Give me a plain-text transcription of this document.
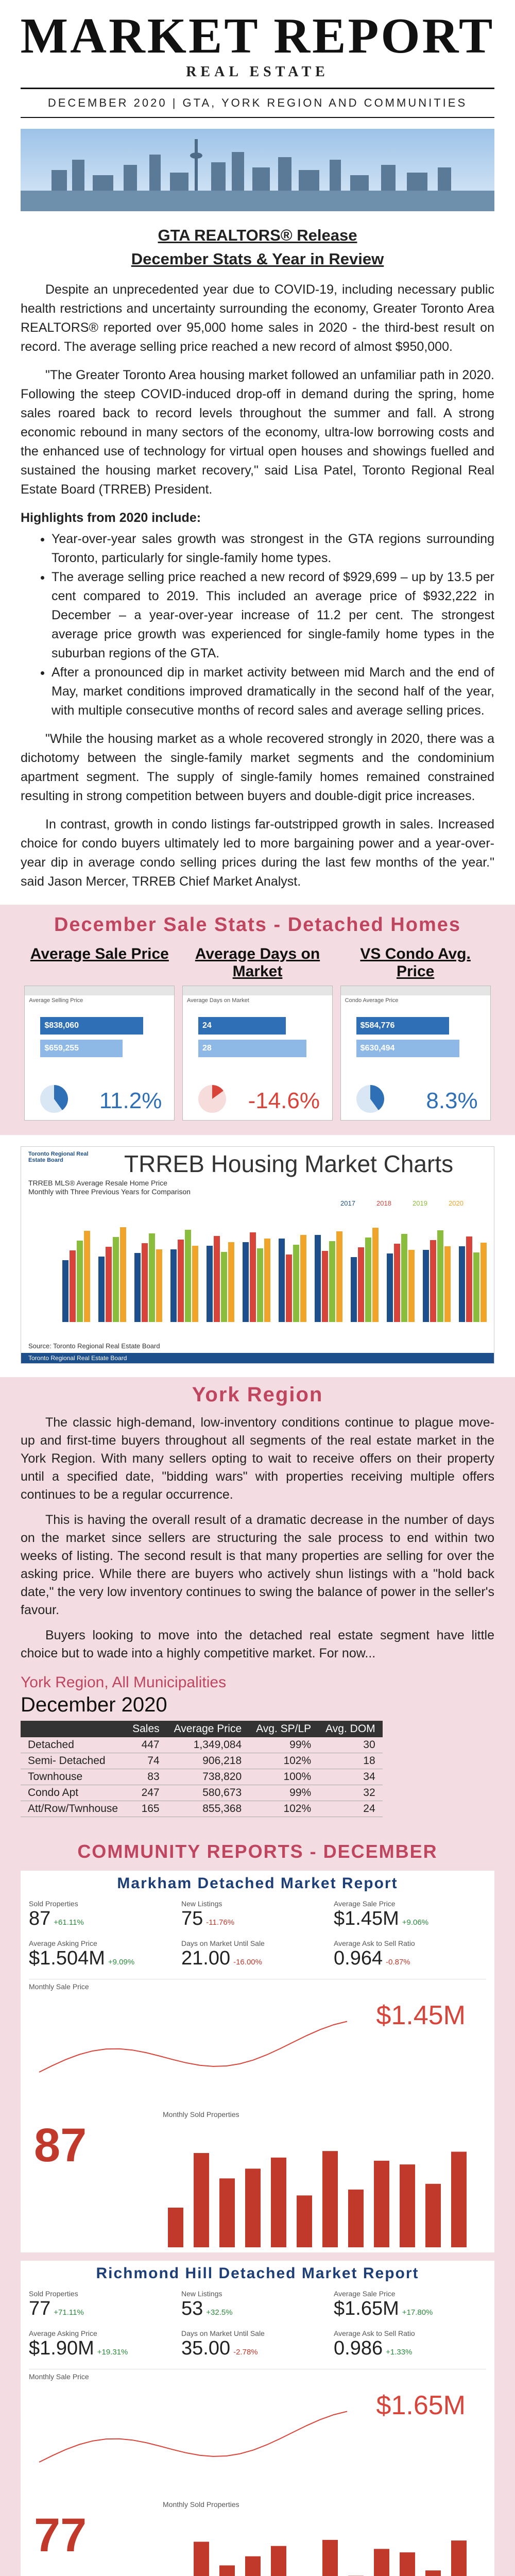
MARKET REPORT
REAL ESTATE
DECEMBER 2020 | GTA, YORK REGION AND COMMUNITIES
GTA REALTORS® Release
December Stats & Year in Review

Despite an unprecedented year due to COVID-19, including necessary public health restrictions and uncertainty surrounding the economy, Greater Toronto Area REALTORS® reported over 95,000 home sales in 2020 - the third-best result on record. The average selling price reached a new record of almost $950,000.

"The Greater Toronto Area housing market followed an unfamiliar path in 2020. Following the steep COVID-induced drop-off in demand during the spring, home sales roared back to record levels throughout the summer and fall. A strong economic rebound in many sectors of the economy, ultra-low borrowing costs and the enhanced use of technology for virtual open houses and showings fuelled and sustained the housing market recovery," said Lisa Patel, Toronto Regional Real Estate Board (TRREB) President.

Highlights from 2020 include:
• Year-over-year sales growth was strongest in the GTA regions surrounding Toronto, particularly for single-family home types.
• The average selling price reached a new record of $929,699 – up by 13.5 per cent compared to 2019. This included an average price of $932,222 in December – a year-over-year increase of 11.2 per cent. The strongest average price growth was experienced for single-family home types in the suburban regions of the GTA.
• After a pronounced dip in market activity between mid March and the end of May, market conditions improved dramatically in the second half of the year, with multiple consecutive months of record sales and average selling prices.

"While the housing market as a whole recovered strongly in 2020, there was a dichotomy between the single-family market segments and the condominium apartment segment. The supply of single-family homes remained constrained resulting in strong competition between buyers and double-digit price increases.

In contrast, growth in condo listings far-outstripped growth in sales. Increased choice for condo buyers ultimately led to more bargaining power and a year-over-year dip in average condo selling prices during the last few months of the year." said Jason Mercer, TRREB Chief Market Analyst.

December Sale Stats - Detached Homes
Average Sale Price	Average Days on Market
VS Condo Avg. Price
Average Selling Price
$838,060
$659,255
11.2%
Average Days on Market
24
28
-14.6%
Condo Average Price
$584,776
$630,494
8.3%
Toronto Regional Real Estate Board	TRREB Housing Market Charts
TRREB MLS® Average Resale Home Price
Monthly with Three Previous Years for Comparison
2017	2018	2019	2020
Source: Toronto Regional Real Estate Board
Toronto Regional Real Estate Board
York Region

The classic high-demand, low-inventory conditions continue to plague move-up and first-time buyers throughout all segments of the real estate market in the York Region. With many sellers opting to wait to receive offers on their property until a specified date, "bidding wars" with properties receiving multiple offers continues to be a regular occurrence.

This is having the overall result of a dramatic decrease in the number of days on the market since sellers are structuring the sale process to end within two weeks of listing. The second result is that many properties are selling for over the asking price. While there are buyers who actively shun listings with a "hold back date," the very low inventory continues to swing the balance of power in the seller's favour.

Buyers looking to move into the detached real estate segment have little choice but to wade into a highly competitive market. For now...

York Region, All Municipalities
December 2020
	Sales	Average Price	Avg. SP/LP	Avg. DOM
Detached	447	1,349,084	99%	30
Semi- Detached	74	906,218	102%	18
Townhouse	83	738,820	100%	34
Condo Apt	247	580,673	99%	32
Att/Row/Twnhouse	165	855,368	102%	24
COMMUNITY REPORTS - DECEMBER
Markham Detached Market Report
Sold Properties
87 +61.11%
New Listings
75 -11.76%
Average Sale Price
$1.45M +9.06%
Average Asking Price
$1.504M +9.09%
Days on Market Until Sale
21.00 -16.00%
Average Ask to Sell Ratio
0.964 -0.87%
Monthly Sale Price
$1.45M
87
Monthly Sold Properties
Richmond Hill Detached Market Report
Sold Properties
77 +71.11%
New Listings
53 +32.5%
Average Sale Price
$1.65M +17.80%
Average Asking Price
$1.90M +19.31%
Days on Market Until Sale
35.00 -2.78%
Average Ask to Sell Ratio
0.986 +1.33%
Monthly Sale Price
$1.65M
77
Monthly Sold Properties
